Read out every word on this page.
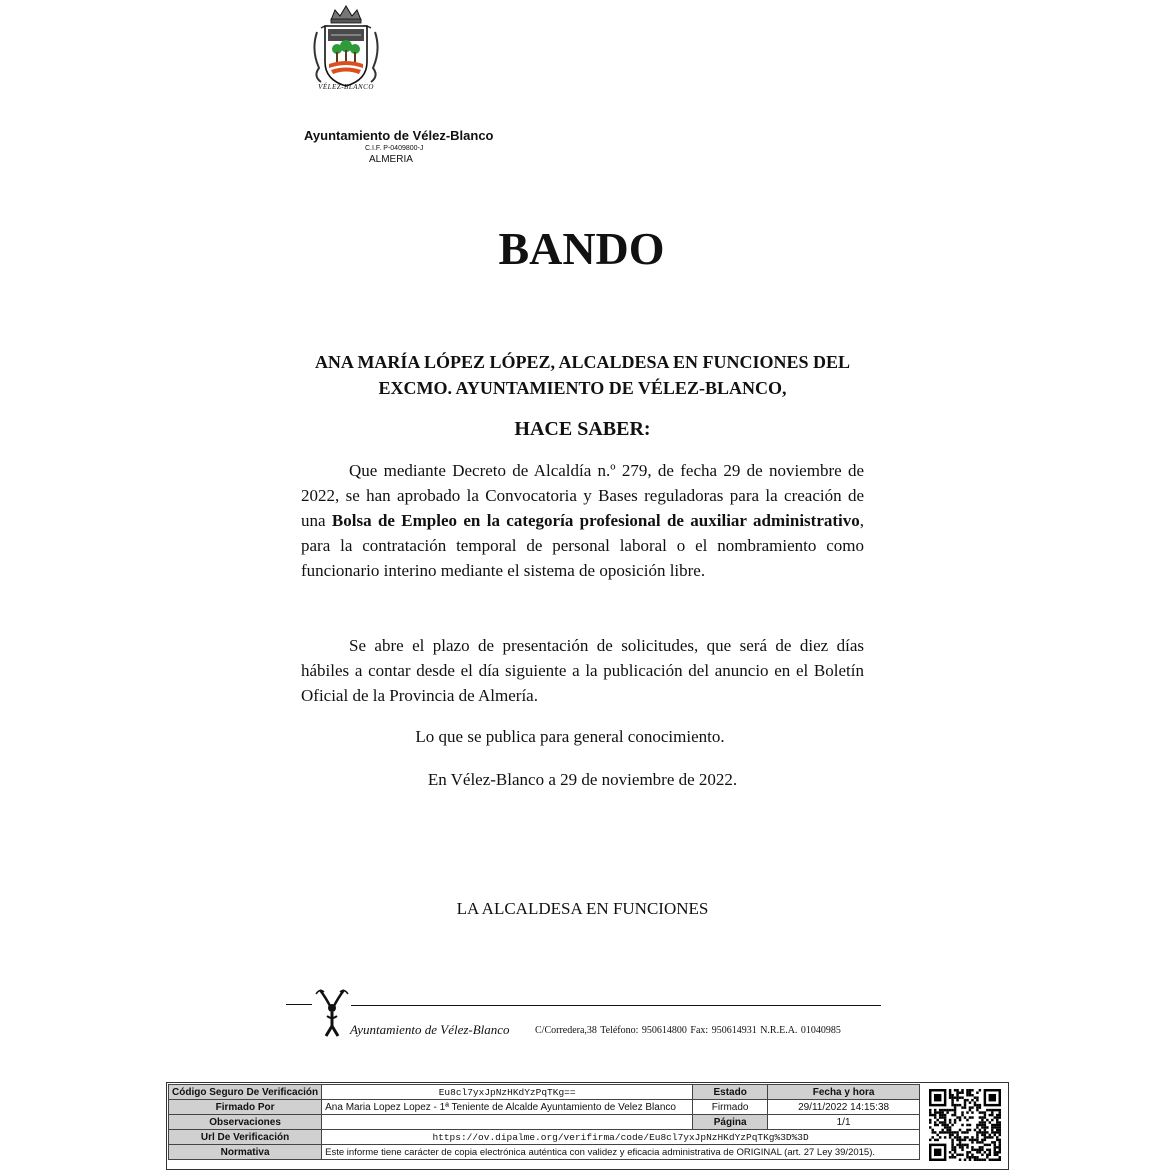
VÉLEZ-BLANCO
Ayuntamiento de Vélez-Blanco
C.I.F. P-0409800-J
ALMERIA
BANDO
ANA MARÍA LÓPEZ LÓPEZ, ALCALDESA EN FUNCIONES DEL
EXCMO. AYUNTAMIENTO DE VÉLEZ-BLANCO,
HACE SABER:
Que mediante Decreto de Alcaldía n.º 279, de fecha 29 de noviembre de 2022, se han aprobado la Convocatoria y Bases reguladoras para la creación de una Bolsa de Empleo en la categoría profesional de auxiliar administrativo, para la contratación temporal de personal laboral o el nombramiento como funcionario interino mediante el sistema de oposición libre.
Se abre el plazo de presentación de solicitudes, que será de diez días hábiles a contar desde el día siguiente a la publicación del anuncio en el Boletín Oficial de la Provincia de Almería.
Lo que se publica para general conocimiento.
En Vélez-Blanco a 29 de noviembre de 2022.
LA ALCALDESA EN FUNCIONES
Ayuntamiento de Vélez-Blanco	C/Corredera,38 Teléfono: 950614800 Fax: 950614931 N.R.E.A. 01040985
Código Seguro De Verificación	Eu8cl7yxJpNzHKdYzPqTKg==	Estado	Fecha y hora
Firmado Por	Ana Maria Lopez Lopez - 1ª Teniente de Alcalde Ayuntamiento de Velez Blanco	Firmado	29/11/2022 14:15:38
Observaciones		Página	1/1
Url De Verificación	https://ov.dipalme.org/verifirma/code/Eu8cl7yxJpNzHKdYzPqTKg%3D%3D		
Normativa	Este informe tiene carácter de copia electrónica auténtica con validez y eficacia administrativa de ORIGINAL (art. 27 Ley 39/2015).		
